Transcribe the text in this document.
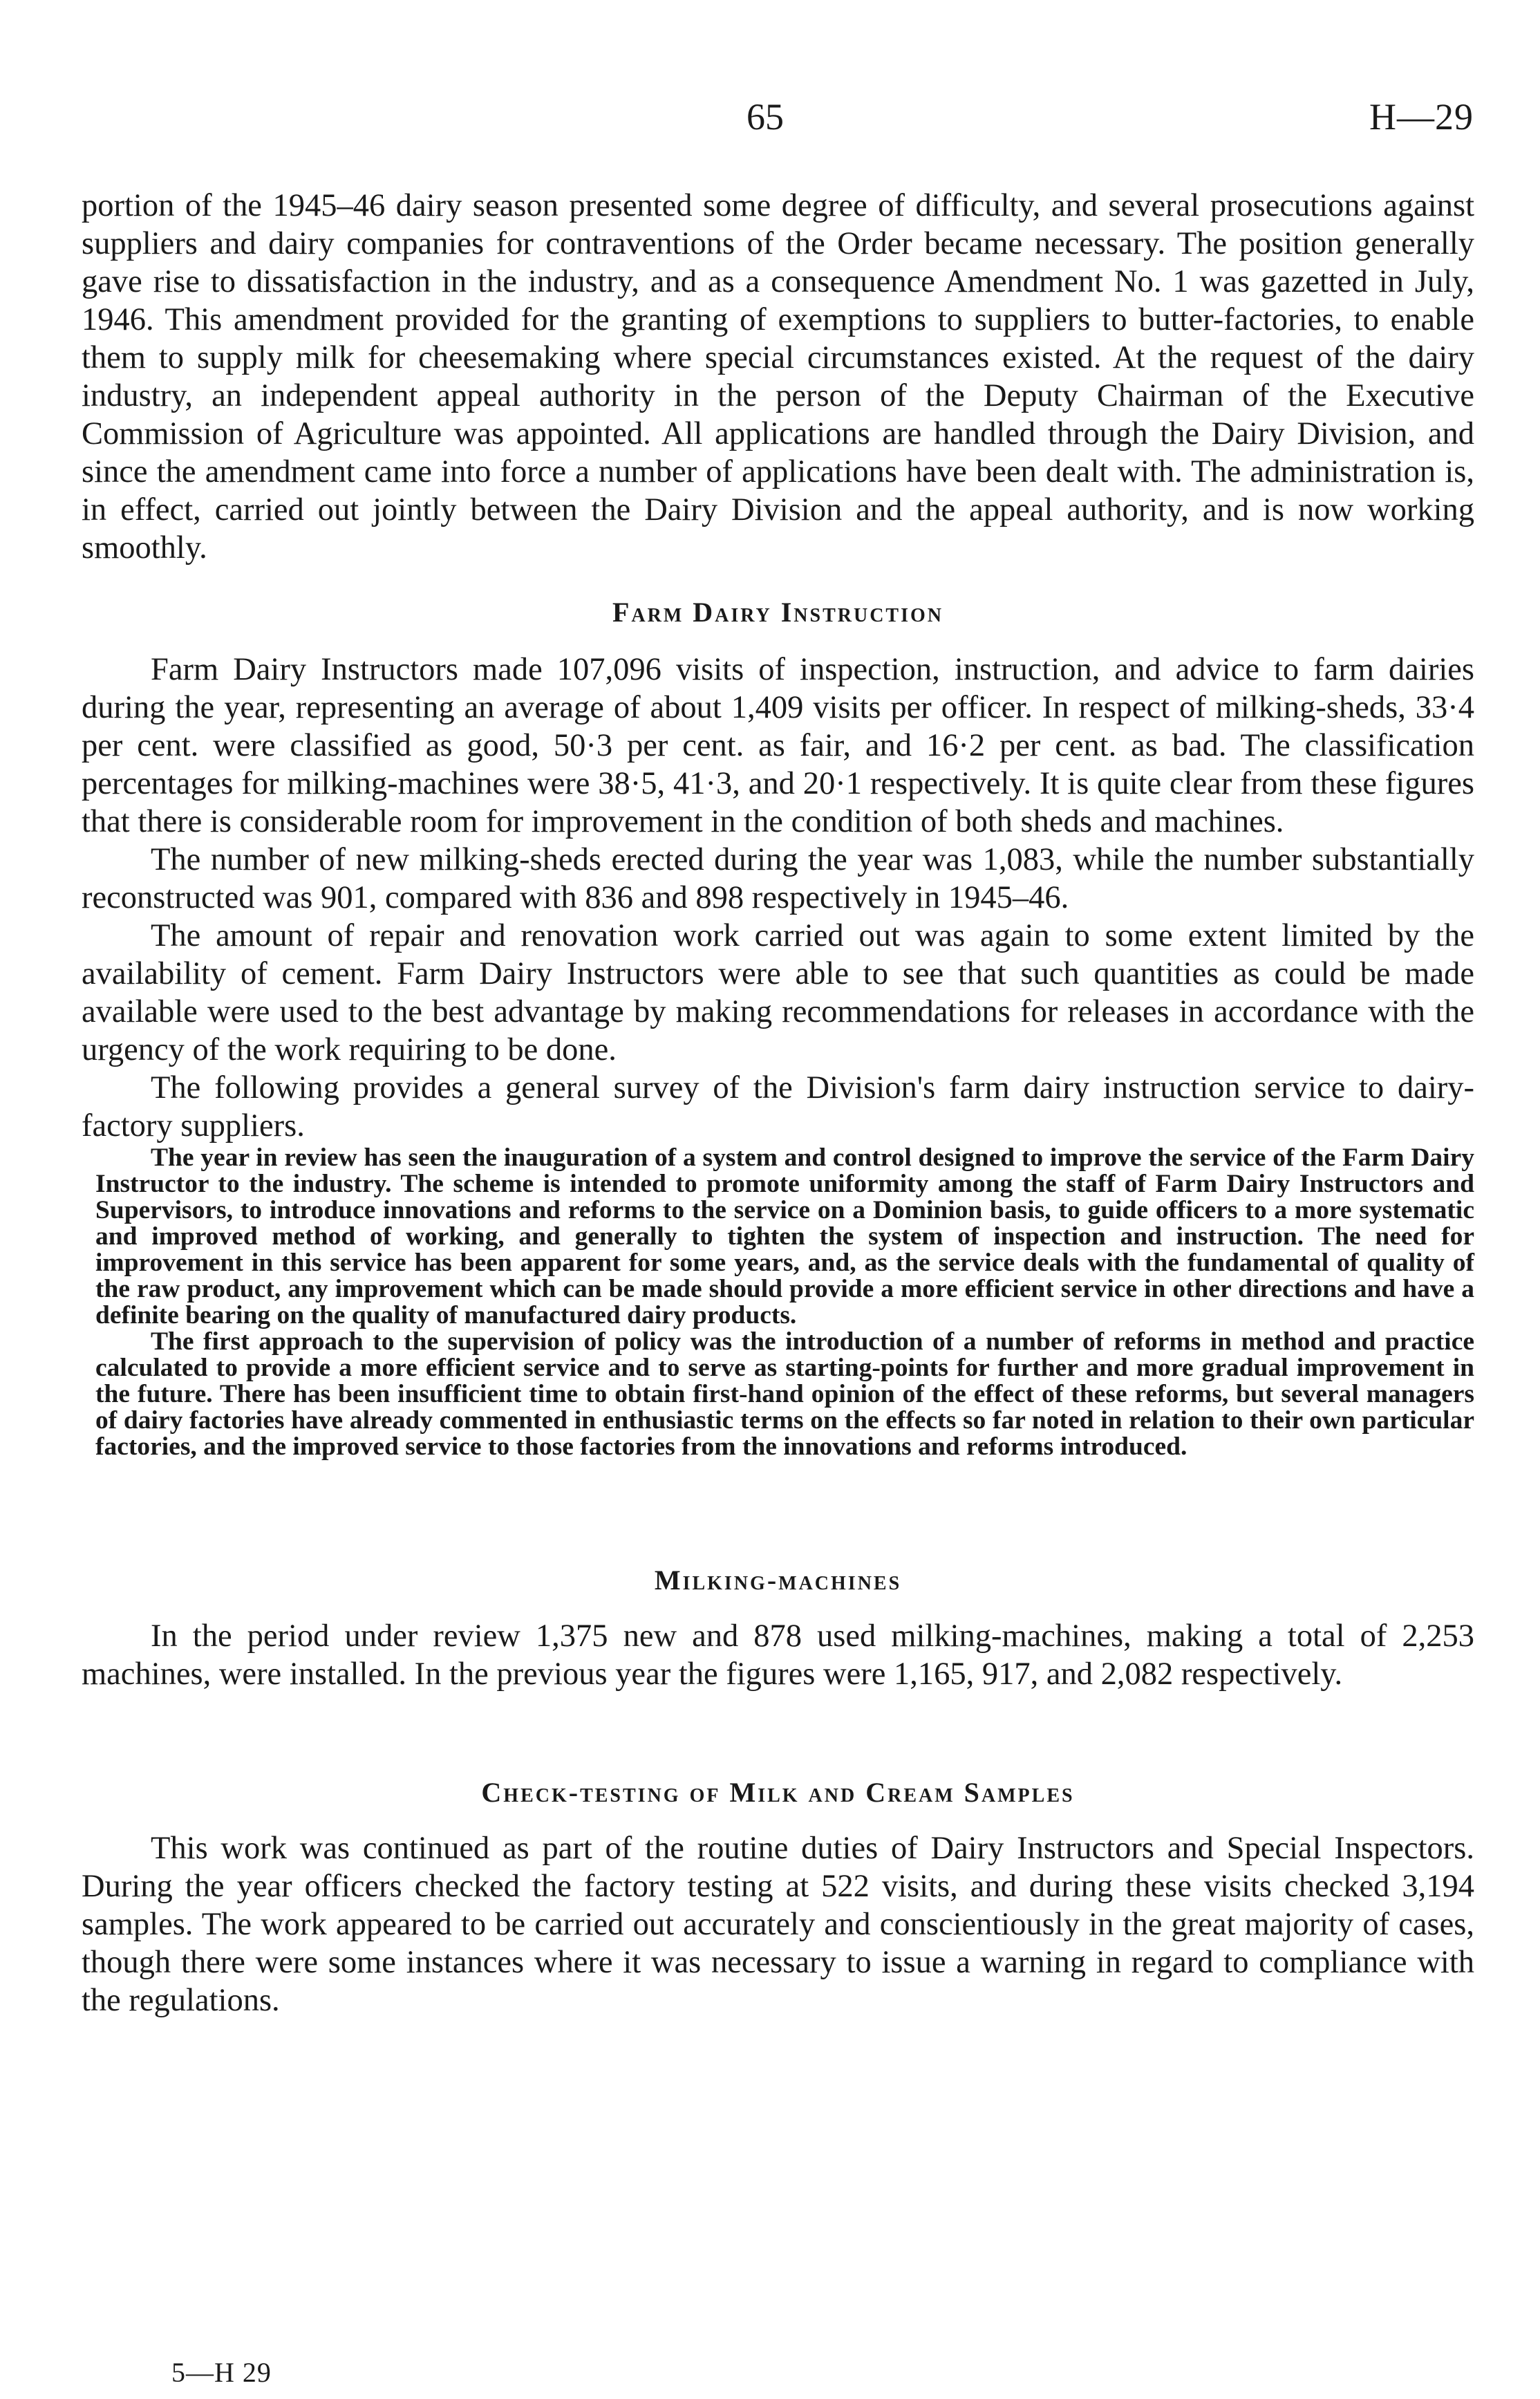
65	H—29

portion of the 1945–46 dairy season presented some degree of difficulty, and several prosecutions against suppliers and dairy companies for contraventions of the Order became necessary. The position generally gave rise to dissatisfaction in the industry, and as a consequence Amendment No. 1 was gazetted in July, 1946. This amendment provided for the granting of exemptions to suppliers to butter-factories, to enable them to supply milk for cheesemaking where special circumstances existed. At the request of the dairy industry, an independent appeal authority in the person of the Deputy Chairman of the Executive Commission of Agriculture was appointed. All applications are handled through the Dairy Division, and since the amendment came into force a number of applications have been dealt with. The administration is, in effect, carried out jointly between the Dairy Division and the appeal authority, and is now working smoothly.

Farm Dairy Instruction

Farm Dairy Instructors made 107,096 visits of inspection, instruction, and advice to farm dairies during the year, representing an average of about 1,409 visits per officer. In respect of milking-sheds, 33·4 per cent. were classified as good, 50·3 per cent. as fair, and 16·2 per cent. as bad. The classification percentages for milking-machines were 38·5, 41·3, and 20·1 respectively. It is quite clear from these figures that there is considerable room for improvement in the condition of both sheds and machines.

The number of new milking-sheds erected during the year was 1,083, while the number substantially reconstructed was 901, compared with 836 and 898 respectively in 1945–46.

The amount of repair and renovation work carried out was again to some extent limited by the availability of cement. Farm Dairy Instructors were able to see that such quantities as could be made available were used to the best advantage by making recommendations for releases in accordance with the urgency of the work requiring to be done.

The following provides a general survey of the Division's farm dairy instruction service to dairy-factory suppliers.

The year in review has seen the inauguration of a system and control designed to improve the service of the Farm Dairy Instructor to the industry. The scheme is intended to promote uniformity among the staff of Farm Dairy Instructors and Supervisors, to introduce innovations and reforms to the service on a Dominion basis, to guide officers to a more systematic and improved method of working, and generally to tighten the system of inspection and instruction. The need for improvement in this service has been apparent for some years, and, as the service deals with the fundamental of quality of the raw product, any improvement which can be made should provide a more efficient service in other directions and have a definite bearing on the quality of manufactured dairy products.

The first approach to the supervision of policy was the introduction of a number of reforms in method and practice calculated to provide a more efficient service and to serve as starting-points for further and more gradual improvement in the future. There has been insufficient time to obtain first-hand opinion of the effect of these reforms, but several managers of dairy factories have already commented in enthusiastic terms on the effects so far noted in relation to their own particular factories, and the improved service to those factories from the innovations and reforms introduced.

Milking-machines

In the period under review 1,375 new and 878 used milking-machines, making a total of 2,253 machines, were installed. In the previous year the figures were 1,165, 917, and 2,082 respectively.

Check-testing of Milk and Cream Samples

This work was continued as part of the routine duties of Dairy Instructors and Special Inspectors. During the year officers checked the factory testing at 522 visits, and during these visits checked 3,194 samples. The work appeared to be carried out accurately and conscientiously in the great majority of cases, though there were some instances where it was necessary to issue a warning in regard to compliance with the regulations.

5—H 29
